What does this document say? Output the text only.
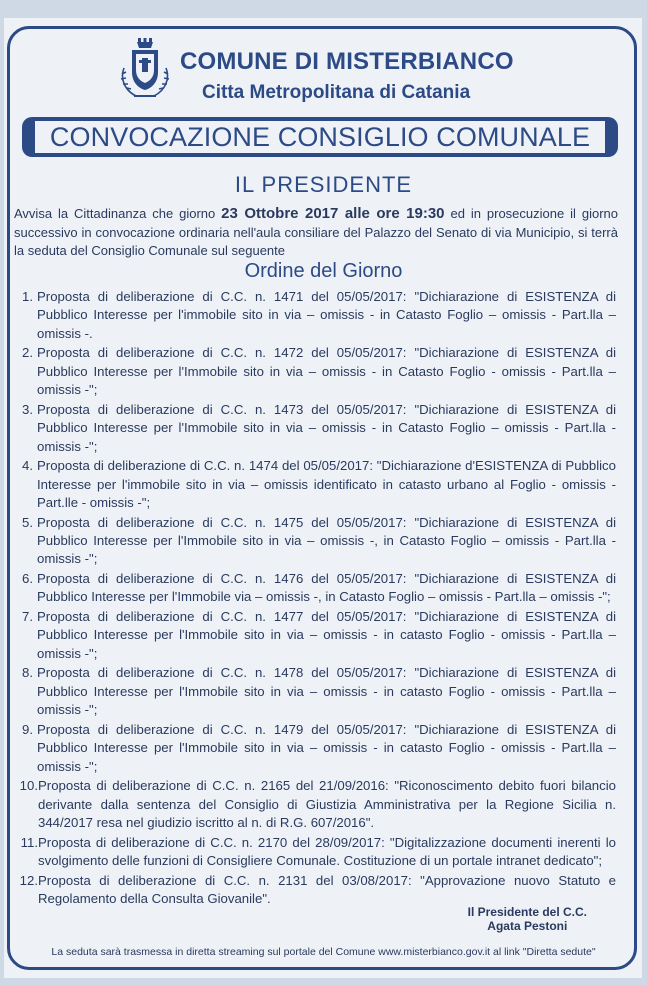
COMUNE DI MISTERBIANCO
Citta Metropolitana di Catania
CONVOCAZIONE CONSIGLIO COMUNALE
IL PRESIDENTE
Avvisa la Cittadinanza che giorno 23 Ottobre 2017 alle ore 19:30 ed in prosecuzione il giorno successivo in convocazione ordinaria nell'aula consiliare del Palazzo del Senato di via Municipio, si terrà la seduta del Consiglio Comunale sul seguente
Ordine del Giorno
1. Proposta di deliberazione di C.C. n. 1471 del 05/05/2017: "Dichiarazione di ESISTENZA di Pubblico Interesse per l'immobile sito in via – omissis - in Catasto Foglio – omissis - Part.lla – omissis -.
2. Proposta di deliberazione di C.C. n. 1472 del 05/05/2017: "Dichiarazione di ESISTENZA di Pubblico Interesse per l'Immobile sito in via – omissis - in Catasto Foglio - omissis - Part.lla – omissis -";
3. Proposta di deliberazione di C.C. n. 1473 del 05/05/2017: "Dichiarazione di ESISTENZA di Pubblico Interesse per l'Immobile sito in via – omissis - in Catasto Foglio – omissis - Part.lla - omissis -";
4. Proposta di deliberazione di C.C. n. 1474 del 05/05/2017: "Dichiarazione d'ESISTENZA di Pubblico Interesse per l'immobile sito in via – omissis identificato in catasto urbano al Foglio - omissis - Part.lle - omissis -";
5. Proposta di deliberazione di C.C. n. 1475 del 05/05/2017: "Dichiarazione di ESISTENZA di Pubblico Interesse per l'Immobile sito in via – omissis -, in Catasto Foglio – omissis - Part.lla - omissis -";
6. Proposta di deliberazione di C.C. n. 1476 del 05/05/2017: "Dichiarazione di ESISTENZA di Pubblico Interesse per l'Immobile via – omissis -, in Catasto Foglio – omissis - Part.lla – omissis -";
7. Proposta di deliberazione di C.C. n. 1477 del 05/05/2017: "Dichiarazione di ESISTENZA di Pubblico Interesse per l'Immobile sito in via – omissis - in catasto Foglio - omissis - Part.lla – omissis -";
8. Proposta di deliberazione di C.C. n. 1478 del 05/05/2017: "Dichiarazione di ESISTENZA di Pubblico Interesse per l'Immobile sito in via – omissis - in catasto Foglio - omissis - Part.lla – omissis -";
9. Proposta di deliberazione di C.C. n. 1479 del 05/05/2017: "Dichiarazione di ESISTENZA di Pubblico Interesse per l'Immobile sito in via – omissis - in catasto Foglio - omissis - Part.lla – omissis -";
10. Proposta di deliberazione di C.C. n. 2165 del 21/09/2016: "Riconoscimento debito fuori bilancio derivante dalla sentenza del Consiglio di Giustizia Amministrativa per la Regione Sicilia n. 344/2017 resa nel giudizio iscritto al n. di R.G. 607/2016".
11. Proposta di deliberazione di C.C. n. 2170 del 28/09/2017: "Digitalizzazione documenti inerenti lo svolgimento delle funzioni di Consigliere Comunale. Costituzione di un portale intranet dedicato";
12. Proposta di deliberazione di C.C. n. 2131 del 03/08/2017: "Approvazione nuovo Statuto e Regolamento della Consulta Giovanile".
Il Presidente del C.C.
Agata Pestoni
La seduta sarà trasmessa in diretta streaming sul portale del Comune www.misterbianco.gov.it al link "Diretta sedute"
